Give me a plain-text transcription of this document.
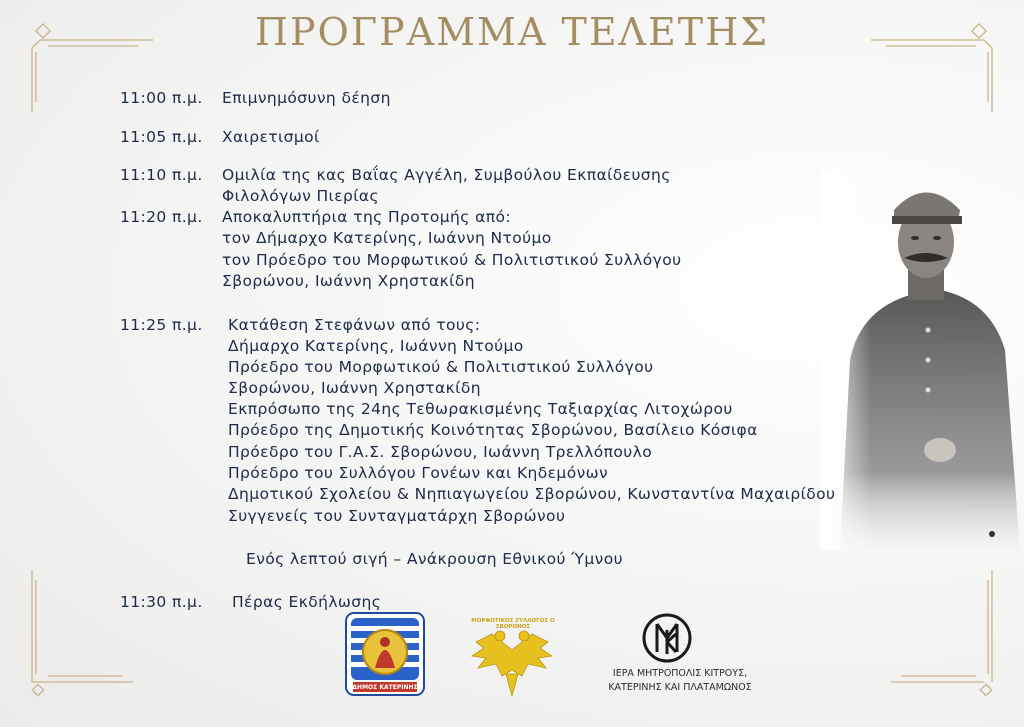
ΠΡΟΓΡΑΜΜΑ ΤΕΛΕΤΗΣ
11:00 π.μ. Επιμνημόσυνη δέηση
11:05 π.μ. Χαιρετισμοί
11:10 π.μ. Ομιλία της κας Βαΐας Αγγέλη, Συμβούλου Εκπαίδευσης
Φιλολόγων Πιερίας
11:20 π.μ. Αποκαλυπτήρια της Προτομής από:
τον Δήμαρχο Κατερίνης, Ιωάννη Ντούμο
τον Πρόεδρο του Μορφωτικού & Πολιτιστικού Συλλόγου
Σβορώνου, Ιωάννη Χρηστακίδη
11:25 π.μ. Κατάθεση Στεφάνων από τους:
Δήμαρχο Κατερίνης, Ιωάννη Ντούμο
Πρόεδρο του Μορφωτικού & Πολιτιστικού Συλλόγου
Σβορώνου, Ιωάννη Χρηστακίδη
Εκπρόσωπο της 24ης Τεθωρακισμένης Ταξιαρχίας Λιτοχώρου
Πρόεδρο της Δημοτικής Κοινότητας Σβορώνου, Βασίλειο Κόσιφα
Πρόεδρο του Γ.Α.Σ. Σβορώνου, Ιωάννη Τρελλόπουλο
Πρόεδρο του Συλλόγου Γονέων και Κηδεμόνων
Δημοτικού Σχολείου & Νηπιαγωγείου Σβορώνου, Κωνσταντίνα Μαχαιρίδου
Συγγενείς του Συνταγματάρχη Σβορώνου
Ενός λεπτού σιγή – Ανάκρουση Εθνικού Ύμνου
11:30 π.μ. Πέρας Εκδήλωσης
ΔΗΜΟΣ ΚΑΤΕΡΙΝΗΣ
ΜΟΡΦΩΤΙΚΟΣ ΣΥΛΛΟΓΟΣ Ο ΣΒΟΡΩΝΟΣ
ΙΕΡΑ ΜΗΤΡΟΠΟΛΙΣ ΚΙΤΡΟΥΣ,
ΚΑΤΕΡΙΝΗΣ ΚΑΙ ΠΛΑΤΑΜΩΝΟΣ
